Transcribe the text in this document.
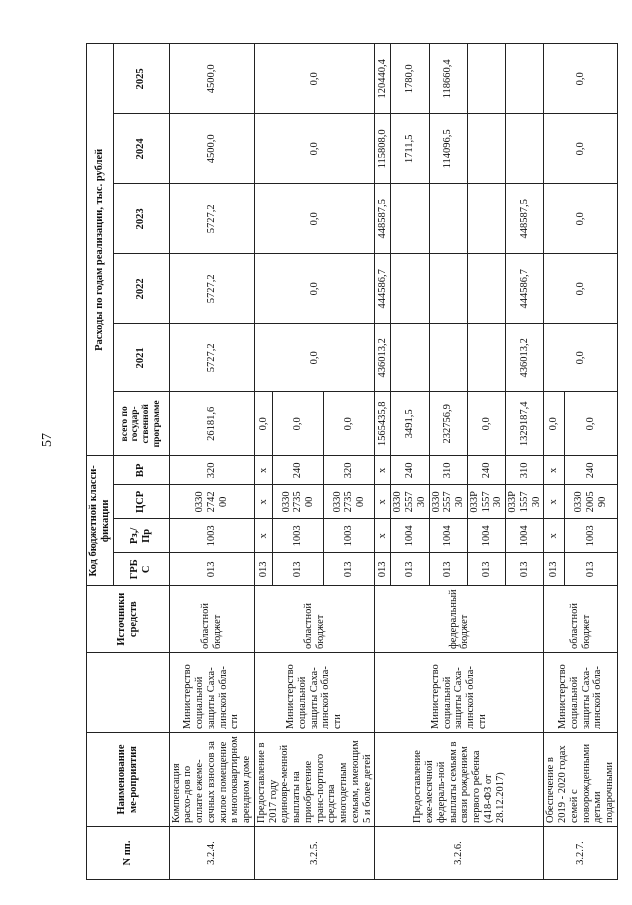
57
N пп.	Наименование ме-роприятия		Источники средств	Код бюджетной класси-фикации				Расходы по годам реализации, тыс. рублей					
				ГРБ С	Рз,/ Пр	ЦСР	ВР	всего по государ-ственной программе	2021	2022	2023	2024	2025
3.2.4.	Компенсация расхо-дов по оплате ежеме-сячных взносов за жилое помещение в многоквартирном арендном доме	Министерство социальной защиты Саха-линской обла-сти	областной бюджет	013	1003	0330 2742 00	320	26181,6	5727,2	5727,2	5727,2	4500,0	4500,0
3.2.5.	Предоставление в 2017 году единовре-менной выплаты на приобретение транс-портного средства многодетным семьям, имеющим 5 и более детей	Министерство социальной защиты Саха-линской обла-сти	областной бюджет	013	х	х	х	0,0	0,0	0,0	0,0	0,0	0,0
				013	1003	0330 2735 00	240	0,0					
				013	1003	0330 2735 00	320	0,0					
3.2.6.	Предоставление еже-месячной федераль-ной выплаты семьям в связи рождением первого ребенка (418-ФЗ от 28.12.2017)	Министерство социальной защиты Саха-линской обла-сти	федеральный бюджет	013	х	х	х	1565435,8	436013,2	444586,7	448587,5	115808,0	120440,4
				013	1004	0330 2557 30	240	3491,5				1711,5	1780,0
				013	1004	0330 2557 30	310	232756,9				114096,5	118660,4
				013	1004	033P 1557 30	240	0,0					
				013	1004	033P 1557 30	310	1329187,4	436013,2	444586,7	448587,5		
3.2.7.	Обеспечение в 2019 - 2020 годах семей с новорожденными детьми подарочными	Министерство социальной защиты Саха-линской обла-	областной бюджет	013	х	х	х	0,0	0,0	0,0	0,0	0,0	0,0
				013	1003	0330 2005 90	240	0,0					
